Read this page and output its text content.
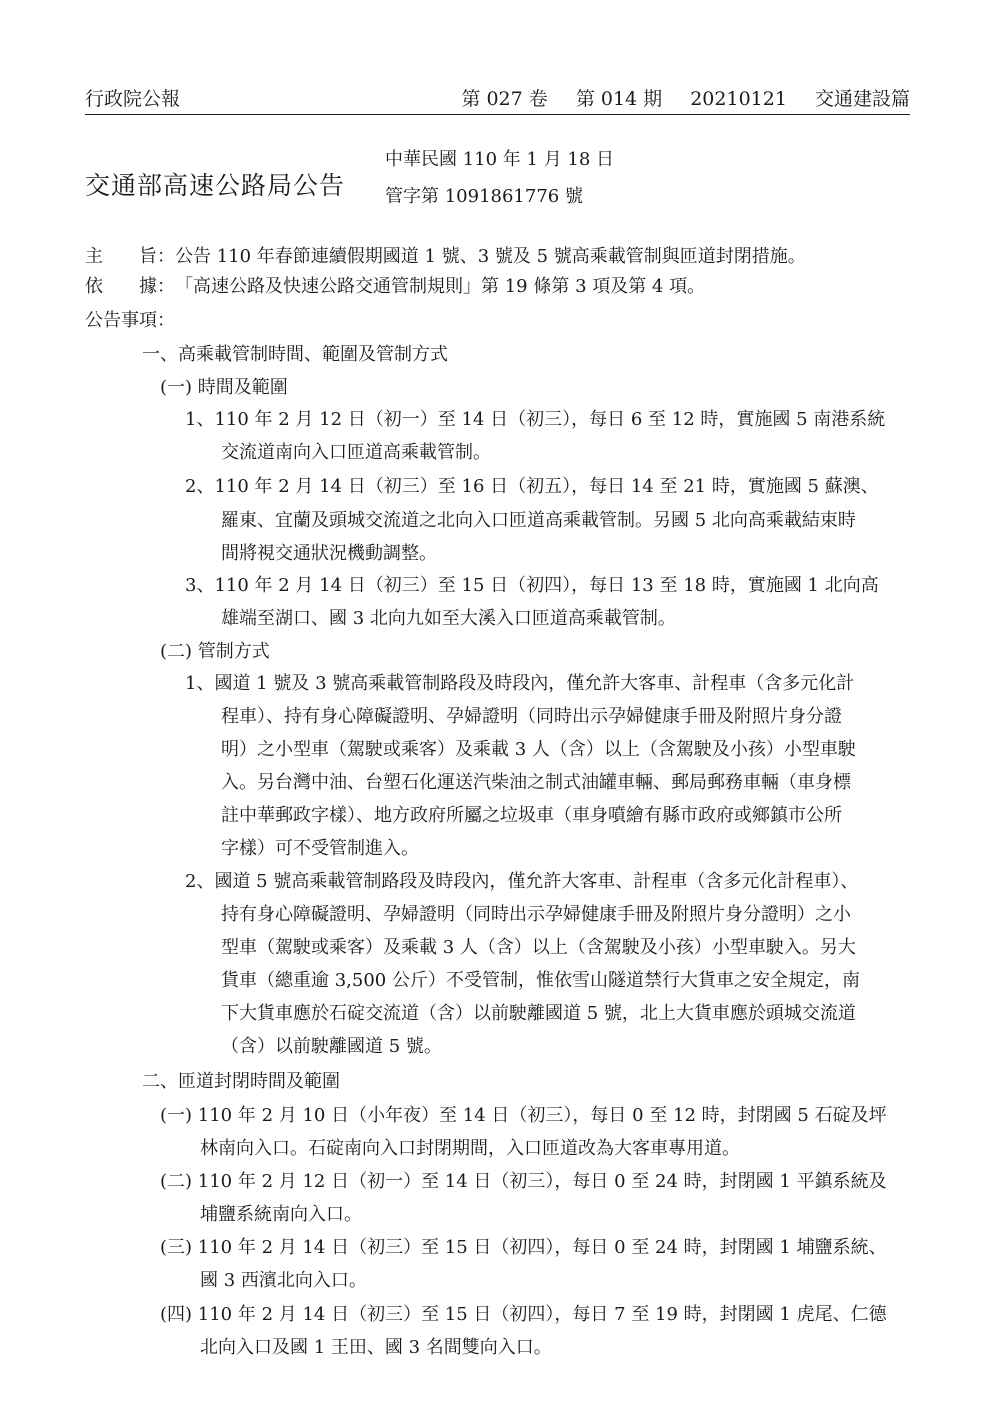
行政院公報	第 027 卷 第 014 期 20210121 交通建設篇
交通部高速公路局公告
中華民國 110 年 1 月 18 日
管字第 1091861776 號
主　　旨：公告 110 年春節連續假期國道 1 號、3 號及 5 號高乘載管制與匝道封閉措施。
依　　據：「高速公路及快速公路交通管制規則」第 19 條第 3 項及第 4 項。
公告事項：
一、高乘載管制時間、範圍及管制方式
(一) 時間及範圍
1、110 年 2 月 12 日（初一）至 14 日（初三），每日 6 至 12 時，實施國 5 南港系統
交流道南向入口匝道高乘載管制。
2、110 年 2 月 14 日（初三）至 16 日（初五），每日 14 至 21 時，實施國 5 蘇澳、
羅東、宜蘭及頭城交流道之北向入口匝道高乘載管制。另國 5 北向高乘載結束時
間將視交通狀況機動調整。
3、110 年 2 月 14 日（初三）至 15 日（初四），每日 13 至 18 時，實施國 1 北向高
雄端至湖口、國 3 北向九如至大溪入口匝道高乘載管制。
(二) 管制方式
1、國道 1 號及 3 號高乘載管制路段及時段內，僅允許大客車、計程車（含多元化計
程車）、持有身心障礙證明、孕婦證明（同時出示孕婦健康手冊及附照片身分證
明）之小型車（駕駛或乘客）及乘載 3 人（含）以上（含駕駛及小孩）小型車駛
入。另台灣中油、台塑石化運送汽柴油之制式油罐車輛、郵局郵務車輛（車身標
註中華郵政字樣）、地方政府所屬之垃圾車（車身噴繪有縣市政府或鄉鎮市公所
字樣）可不受管制進入。
2、國道 5 號高乘載管制路段及時段內，僅允許大客車、計程車（含多元化計程車）、
持有身心障礙證明、孕婦證明（同時出示孕婦健康手冊及附照片身分證明）之小
型車（駕駛或乘客）及乘載 3 人（含）以上（含駕駛及小孩）小型車駛入。另大
貨車（總重逾 3,500 公斤）不受管制，惟依雪山隧道禁行大貨車之安全規定，南
下大貨車應於石碇交流道（含）以前駛離國道 5 號，北上大貨車應於頭城交流道
（含）以前駛離國道 5 號。
二、匝道封閉時間及範圍
(一) 110 年 2 月 10 日（小年夜）至 14 日（初三），每日 0 至 12 時，封閉國 5 石碇及坪
林南向入口。石碇南向入口封閉期間，入口匝道改為大客車專用道。
(二) 110 年 2 月 12 日（初一）至 14 日（初三），每日 0 至 24 時，封閉國 1 平鎮系統及
埔鹽系統南向入口。
(三) 110 年 2 月 14 日（初三）至 15 日（初四），每日 0 至 24 時，封閉國 1 埔鹽系統、
國 3 西濱北向入口。
(四) 110 年 2 月 14 日（初三）至 15 日（初四），每日 7 至 19 時，封閉國 1 虎尾、仁德
北向入口及國 1 王田、國 3 名間雙向入口。
